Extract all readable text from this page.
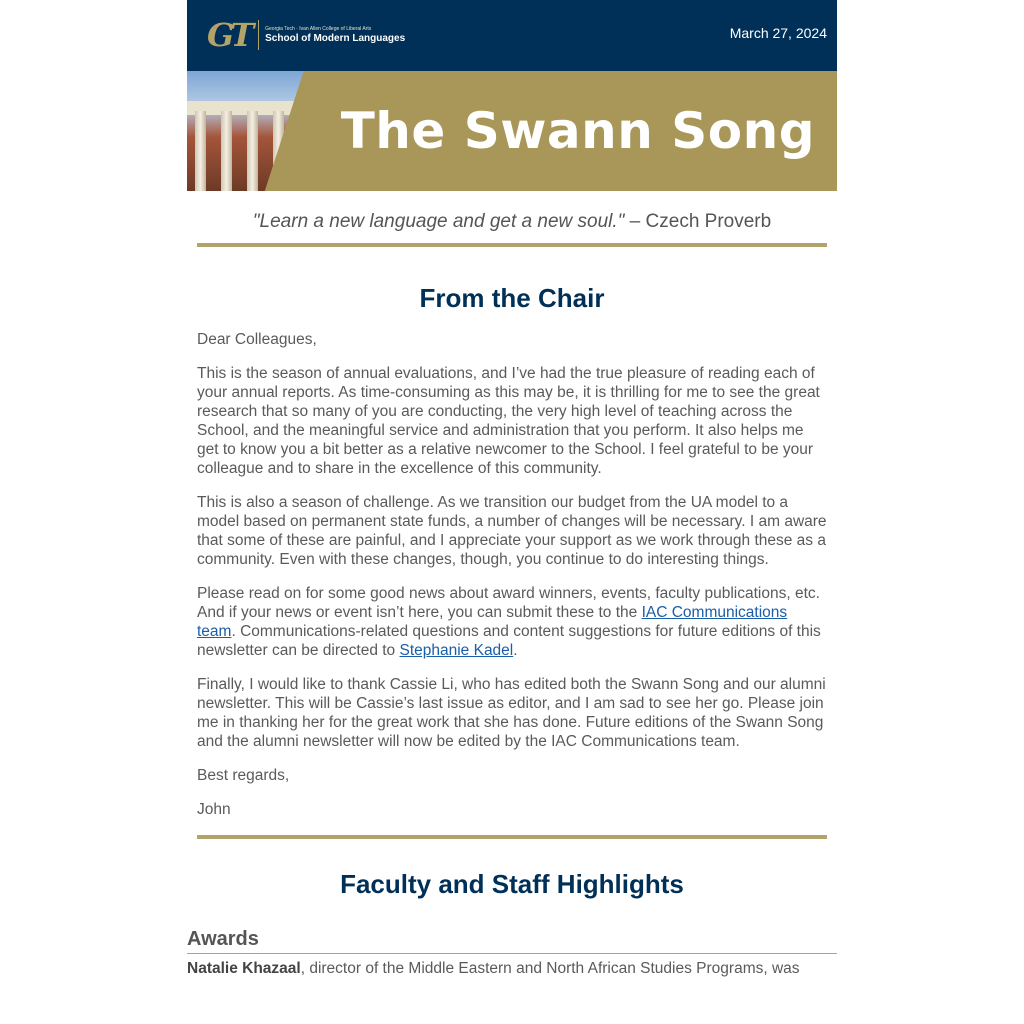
GT	Georgia Tech · Ivan Allen College of Liberal Arts
School of Modern Languages	March 27, 2024
The Swann Song
"Learn a new language and get a new soul." – Czech Proverb
From the Chair

Dear Colleagues,

This is the season of annual evaluations, and I’ve had the true pleasure of reading each of your annual reports. As time-consuming as this may be, it is thrilling for me to see the great research that so many of you are conducting, the very high level of teaching across the School, and the meaningful service and administration that you perform. It also helps me get to know you a bit better as a relative newcomer to the School. I feel grateful to be your colleague and to share in the excellence of this community.

This is also a season of challenge. As we transition our budget from the UA model to a model based on permanent state funds, a number of changes will be necessary. I am aware that some of these are painful, and I appreciate your support as we work through these as a community. Even with these changes, though, you continue to do interesting things.

Please read on for some good news about award winners, events, faculty publications, etc. And if your news or event isn’t here, you can submit these to the IAC Communications team. Communications-related questions and content suggestions for future editions of this newsletter can be directed to Stephanie Kadel.

Finally, I would like to thank Cassie Li, who has edited both the Swann Song and our alumni newsletter. This will be Cassie’s last issue as editor, and I am sad to see her go. Please join me in thanking her for the great work that she has done. Future editions of the Swann Song and the alumni newsletter will now be edited by the IAC Communications team.

Best regards,

John

Faculty and Staff Highlights
Awards
Natalie Khazaal, director of the Middle Eastern and North African Studies Programs, was
